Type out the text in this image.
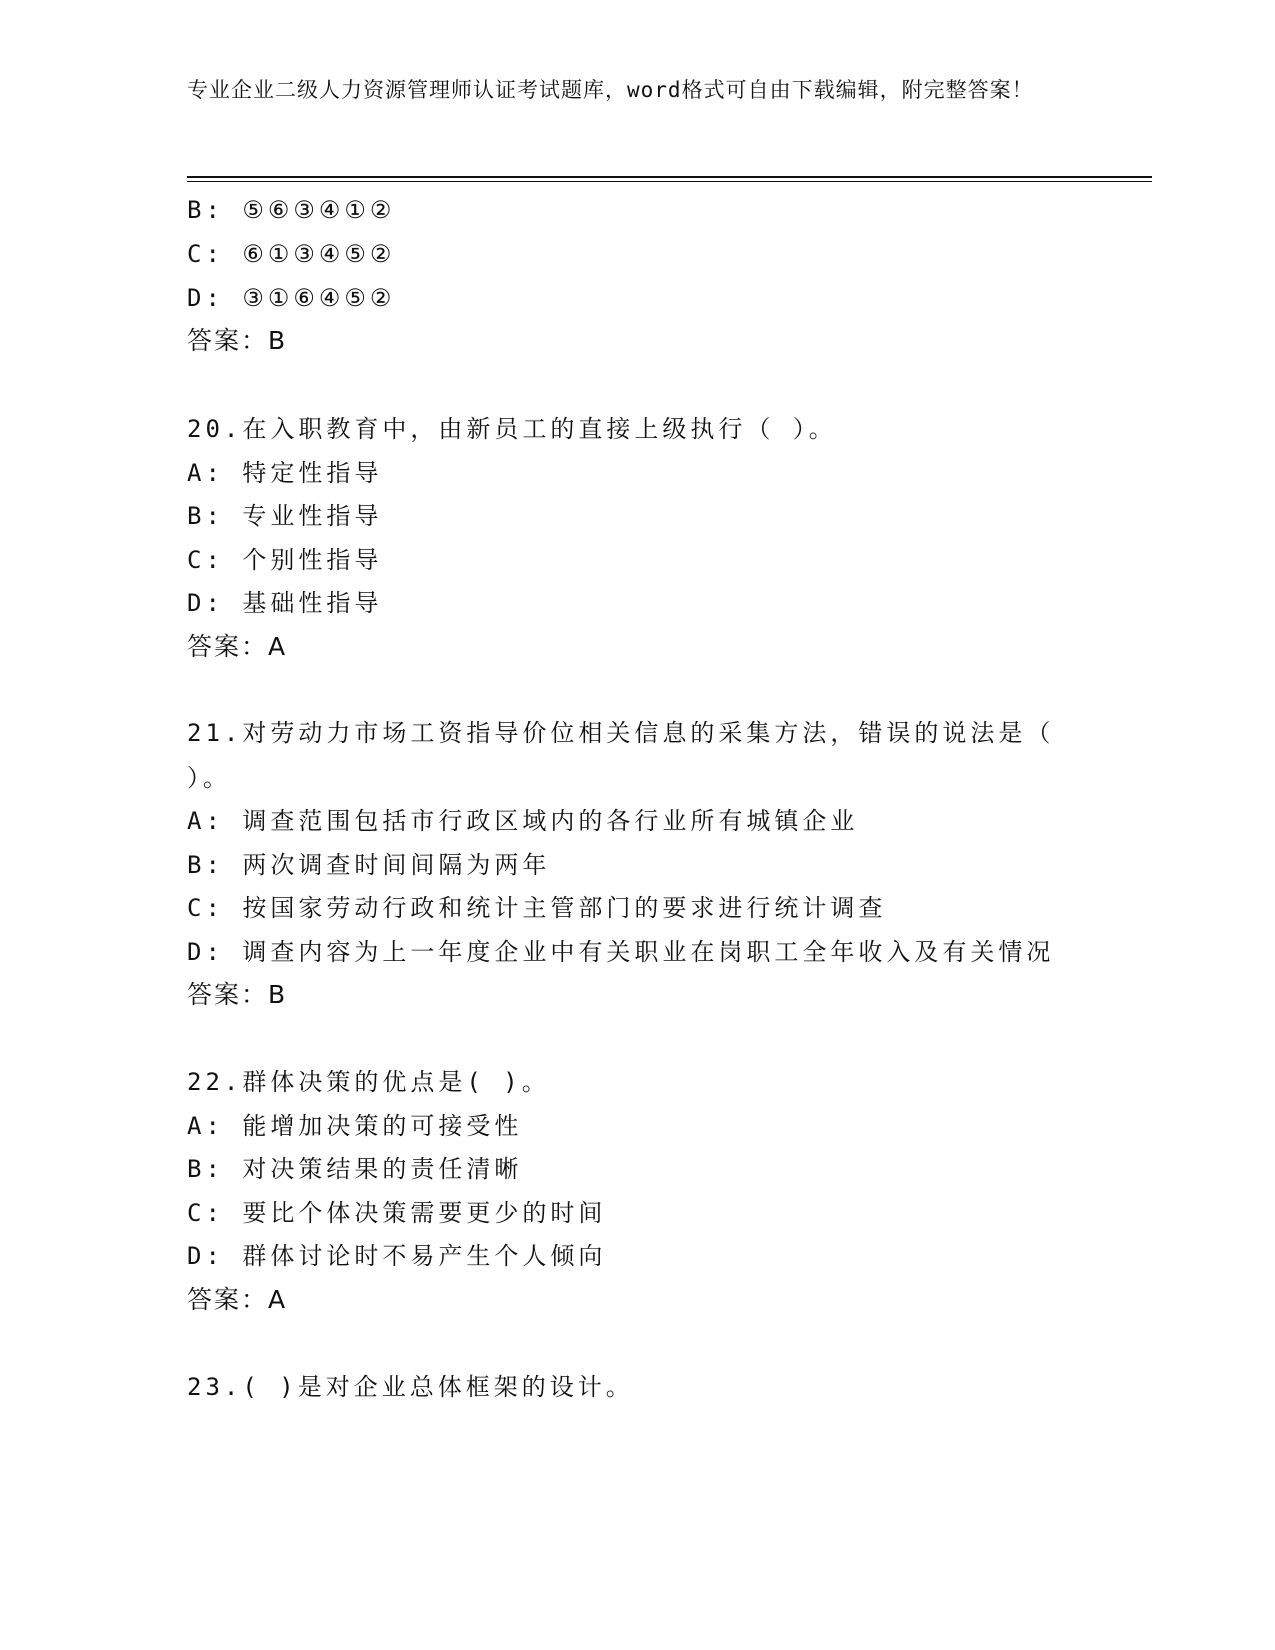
专业企业二级人力资源管理师认证考试题库，word格式可自由下载编辑，附完整答案！
B: ⑤⑥③④①②
C: ⑥①③④⑤②
D: ③①⑥④⑤②
答案：B
20.在入职教育中，由新员工的直接上级执行（ ）。
A: 特定性指导
B: 专业性指导
C: 个别性指导
D: 基础性指导
答案：A
21.对劳动力市场工资指导价位相关信息的采集方法，错误的说法是（ ）。
A: 调查范围包括市行政区域内的各行业所有城镇企业
B: 两次调查时间间隔为两年
C: 按国家劳动行政和统计主管部门的要求进行统计调查
D: 调查内容为上一年度企业中有关职业在岗职工全年收入及有关情况
答案：B
22.群体决策的优点是( )。
A: 能增加决策的可接受性
B: 对决策结果的责任清晰
C: 要比个体决策需要更少的时间
D: 群体讨论时不易产生个人倾向
答案：A
23.( )是对企业总体框架的设计。
